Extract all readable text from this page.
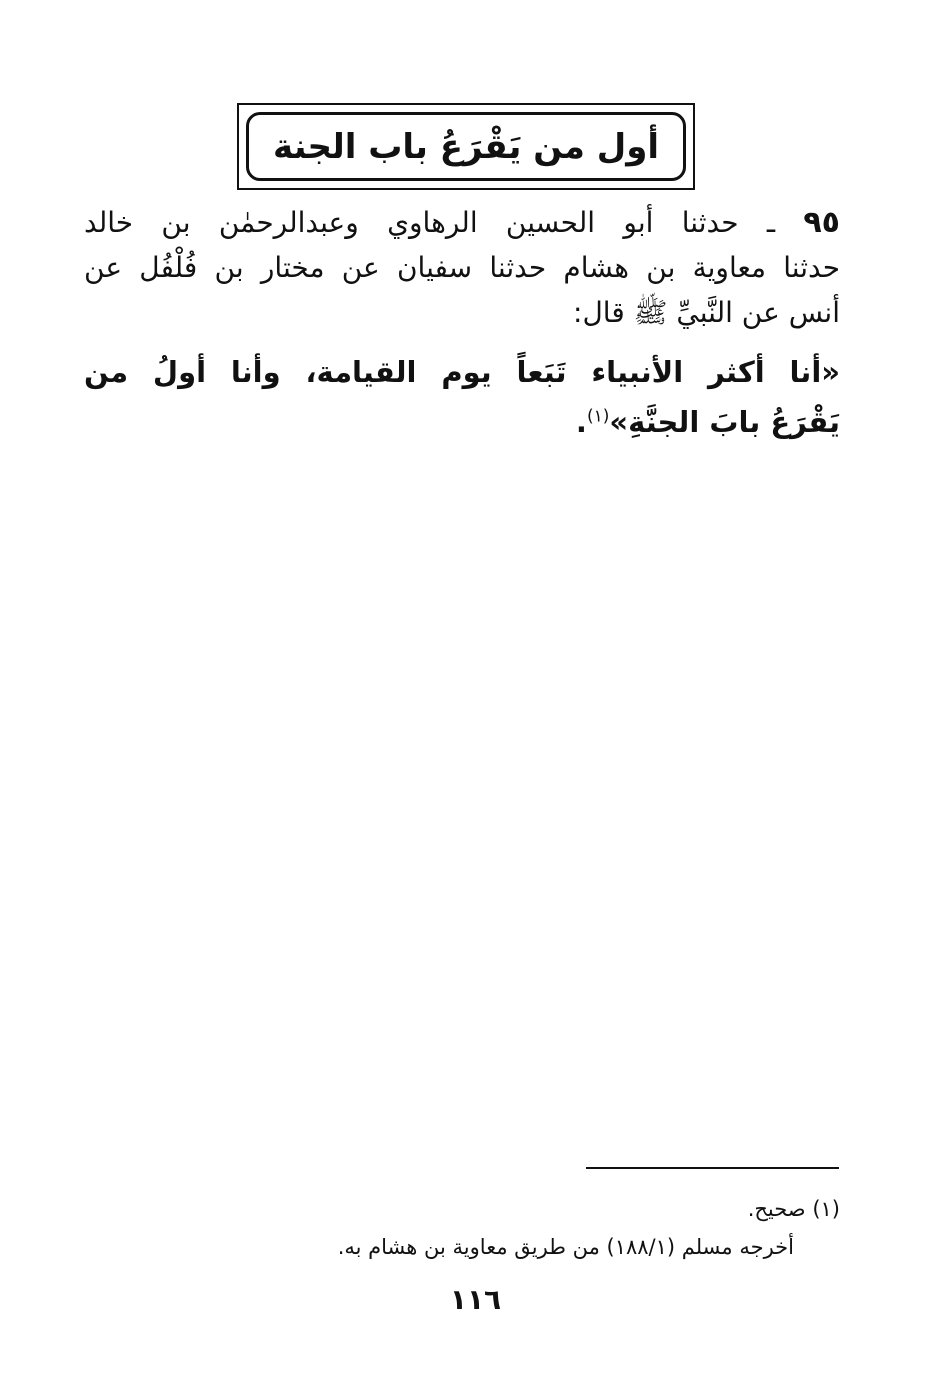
أول من يَقْرَعُ باب الجنة
٩٥ ـ حدثنا أبو الحسين الرهاوي وعبدالرحمٰن بن خالد
حدثنا معاوية بن هشام حدثنا سفيان عن مختار بن فُلْفُل عن
أنس عن النَّبيِّ ﷺ قال:
«أنا أكثر الأنبياء تَبَعاً يوم القيامة، وأنا أولُ من
يَقْرَعُ بابَ الجنَّةِ»$^{(١)}$.
(١) صحيح.
أخرجه مسلم (١٨٨/١) من طريق معاوية بن هشام به.
١١٦
